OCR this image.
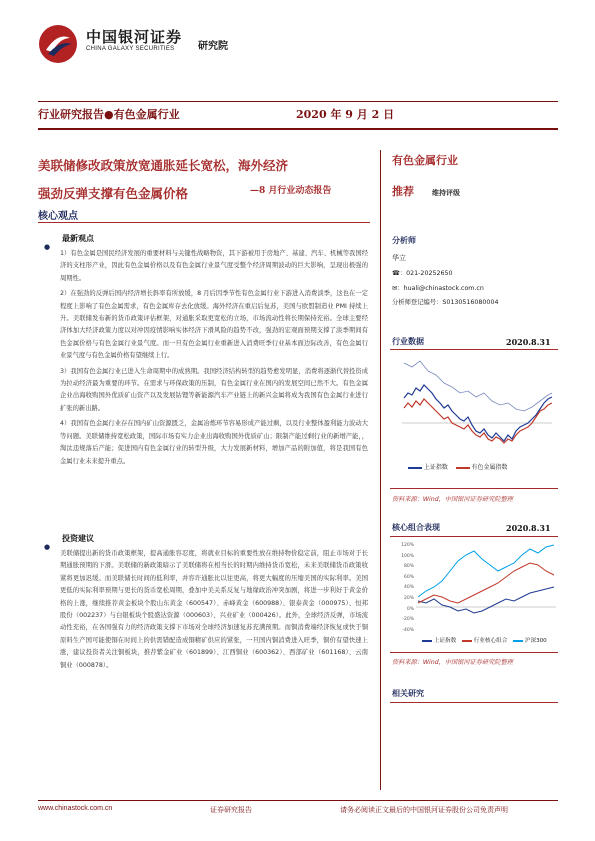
中国银河证券
CHINA GALAXY SECURITIES 研究院
行业研究报告●有色金属行业	2020 年 9 月 2 日
美联储修改政策放宽通胀延长宽松，海外经济
强劲反弹支撑有色金属价格	—8 月行业动态报告
核心观点
●
最新观点
1）有色金属是国民经济发展的重要材料与关键性战略物资，其下游被用于房地产、基建、汽车、机械等我国经济的支柱形产业，因此有色金属价格以及有色金属行业景气度受整个经济周期波动的巨大影响，呈现出极强的周期性。
2）在强劲的反弹后国内经济增长斜率有所放缓，8 月后因季节性有色金属行业下游进入消费淡季，这也在一定程度上影响了有色金属需求，有色金属库存去化放缓。海外经济在重启后复苏，美国与欧盟制造业 PMI 持续上升。美联储发布新的货币政策评估框架，对通胀采取更宽松的立场，市场流动性将长期保持充裕。全球主要经济体加大经济政策力度以对冲因疫情影响实体经济下滑风险的趋势不改，强劲的宏观面预期支撑了淡季期间有色金属价格与有色金属行业景气度。而一旦有色金属行业重新进入消费旺季行业基本面边际改善，有色金属行业景气度与有色金属价格有望继续上行。
3）我国有色金属行业已进入生命周期中的成熟期。我国经济结构转型的趋势愈发明显，消费将逐渐代替投资成为拉动经济最为重要的环节。在需求与环保政策的压制，有色金属行业在国内的发展空间已然不大。有色金属企业出海收购国外优质矿山资产以及发展钴锂等新能源汽车产业链上的新兴金属将成为我国有色金属行业进行扩张的新出路。
4）我国有色金属行业存在国内矿山资源匮乏，金属冶炼环节容易形成产能过剩，以及行业整体盈利能力波动大等问题。美联储维持宽松政策，国际市场有实力企业出海收购国外优质矿山；限制产能过剩行业的新增产能，，淘汰违规落后产能；促进国内有色金属行业的转型升级，大力发展新材料，增加产品的附加值，将是我国有色金属行业未来提升重点。
●
投资建议
美联储提出新的货币政策框架，提高通胀容忍度，将就业目标的重要性放在维持物价稳定前，阻止市场对于长期通胀预期的下滑。美联储的新政策暗示了美联储将在相当长的时期内维持货币宽松，未来美联储货币政策收紧将更加迟缓。而美联储长时间的低利率，并容许通胀比以往更高，将更大幅度的压缩美国的实际利率。美国更低的实际利率预期与更长的货币宽松周期，叠加中美关系反复与地缘政治冲突加剧，将进一步利好于黄金价格的上涨，继续推荐黄金板块个股山东黄金（600547）、赤峰黄金（600988）、银泰黄金（000975）、恒邦股份（002237）与白银板块个股盛达资源（000603）、兴业矿业（000426）。此外，全球经济反弹，市场流动性充裕，在各国强有力的经济政策支撑下市场对全球经济加速复苏充满预期。而铜消费端经济恢复或快于铜原料生产国可能使铜在时间上的供需错配造成铜精矿供应的紧张，一旦国内铜消费进入旺季，铜价有望快速上涨，建议投资者关注铜板块，推荐紫金矿业（601899）、江西铜业（600362）、西部矿业（601168）、云南铜业（000878）。
有色金属行业
推荐	维持评级
分析师
华立
☎：021-20252650
✉：huali@chinastock.com.cn
分析师登记编号：S0130516080004
行业数据	2020.8.31
上证指数	有色金属指数
资料来源：Wind，中国银河证券研究院整理
核心组合表现	2020.8.31
120%
100%
80%
60%
40%
20%
0%
-20%
-40%
上证指数	行业核心组合	沪深300
资料来源：Wind，中国银河证券研究院整理
相关研究
www.chinastock.com.cn	证券研究报告	请务必阅读正文最后的中国银河证券股份公司免责声明
